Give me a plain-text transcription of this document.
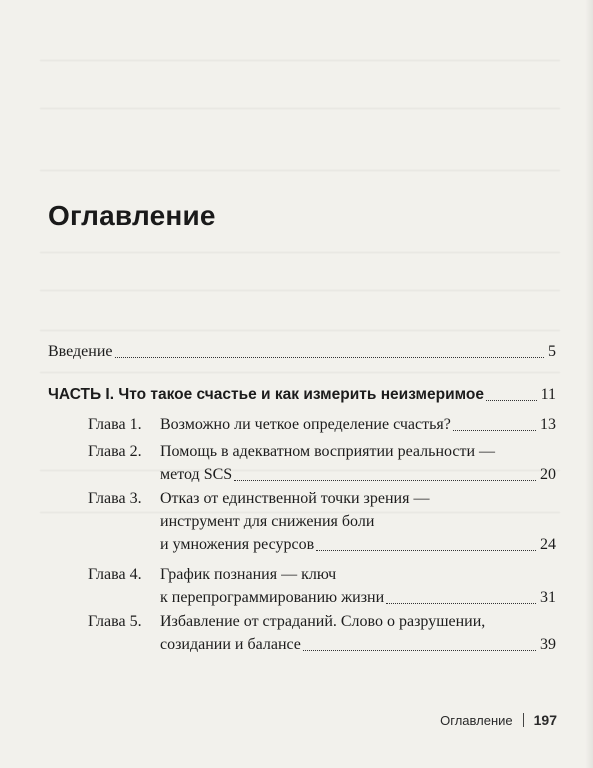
Оглавление
Введение	5
ЧАСТЬ I. Что такое счастье и как измерить неизмеримое	11
Глава 1. Возможно ли четкое определение счастья?	13
Глава 2. Помощь в адекватном восприятии реальности —
метод SCS	20
Глава 3. Отказ от единственной точки зрения —
инструмент для снижения боли
и умножения ресурсов	24
Глава 4. График познания — ключ
к перепрограммированию жизни	31
Глава 5. Избавление от страданий. Слово о разрушении,
созидании и балансе	39
Оглавление 197
